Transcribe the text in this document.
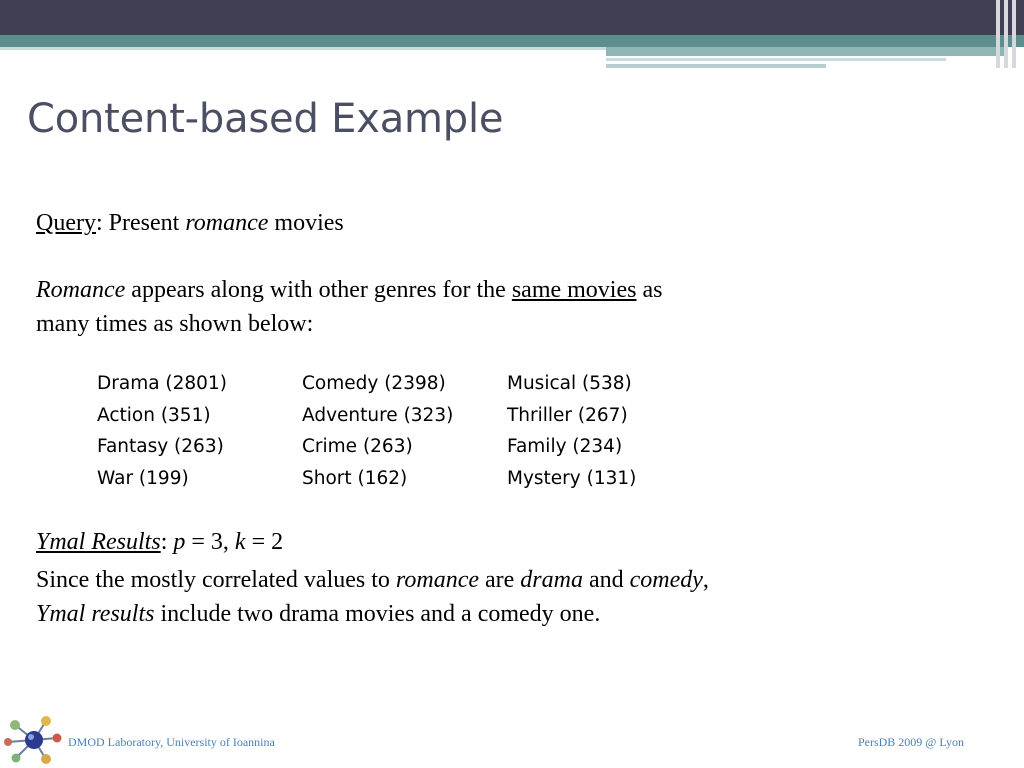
Content-based Example
Query: Present romance movies
Romance appears along with other genres for the same movies as
many times as shown below:
Drama (2801)	Comedy (2398)	Musical (538)
Action (351)	Adventure (323)	Thriller (267)
Fantasy (263)	Crime (263)	Family (234)
War (199)	Short (162)	Mystery (131)
Ymal Results: p = 3, k = 2
Since the mostly correlated values to romance are drama and comedy,
Ymal results include two drama movies and a comedy one.
DMOD Laboratory, University of Ioannina	PersDB 2009 @ Lyon
